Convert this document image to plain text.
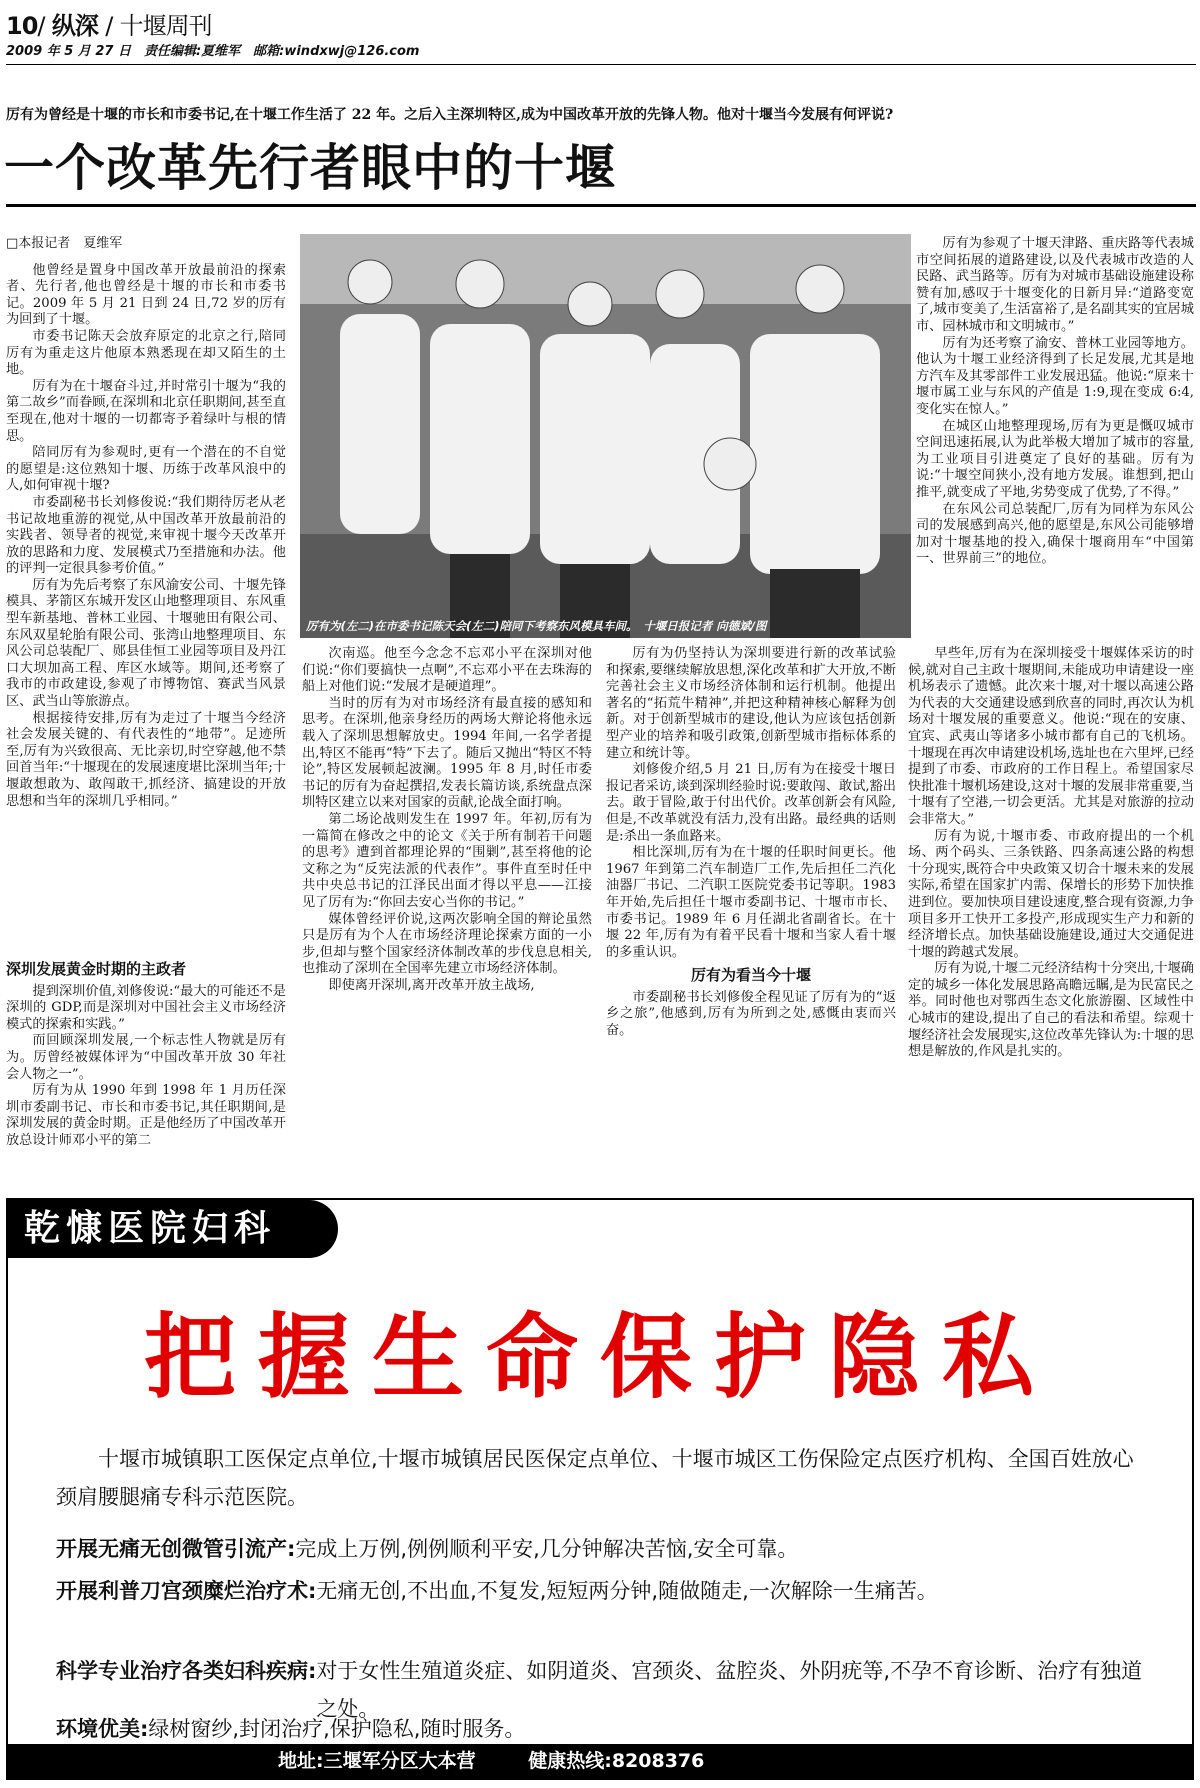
10/ 纵深 / 十堰周刊
2009 年 5 月 27 日　责任编辑:夏维军　邮箱:windxwj@126.com
厉有为曾经是十堰的市长和市委书记,在十堰工作生活了 22 年。之后入主深圳特区,成为中国改革开放的先锋人物。他对十堰当今发展有何评说?
一个改革先行者眼中的十堰

□本报记者　夏维军

他曾经是置身中国改革开放最前沿的探索者、先行者,他也曾经是十堰的市长和市委书记。2009 年 5 月 21 日到 24 日,72 岁的厉有为回到了十堰。

市委书记陈天会放弃原定的北京之行,陪同厉有为重走这片他原本熟悉现在却又陌生的土地。

厉有为在十堰奋斗过,并时常引十堰为“我的第二故乡”而眷顾,在深圳和北京任职期间,甚至直至现在,他对十堰的一切都寄予着绿叶与根的情思。

陪同厉有为参观时,更有一个潜在的不自觉的愿望是:这位熟知十堰、历练于改革风浪中的人,如何审视十堰?

市委副秘书长刘修俊说:“我们期待厉老从老书记故地重游的视觉,从中国改革开放最前沿的实践者、领导者的视觉,来审视十堰今天改革开放的思路和力度、发展模式乃至措施和办法。他的评判一定很具参考价值。”

厉有为先后考察了东风渝安公司、十堰先锋模具、茅箭区东城开发区山地整理项目、东风重型车新基地、普林工业园、十堰驰田有限公司、东风双星轮胎有限公司、张湾山地整理项目、东风公司总装配厂、郧县佳恒工业园等项目及丹江口大坝加高工程、库区水域等。期间,还考察了我市的市政建设,参观了市博物馆、赛武当风景区、武当山等旅游点。

根据接待安排,厉有为走过了十堰当今经济社会发展关键的、有代表性的“地带”。足迹所至,厉有为兴致很高、无比亲切,时空穿越,他不禁回首当年:“十堰现在的发展速度堪比深圳当年;十堰敢想敢为、敢闯敢干,抓经济、搞建设的开放思想和当年的深圳几乎相同。”

厉有为(左二)在市委书记陈天会(左二)陪同下考察东风模具车间。　十堰日报记者 向德斌/图

厉有为参观了十堰天津路、重庆路等代表城市空间拓展的道路建设,以及代表城市改造的人民路、武当路等。厉有为对城市基础设施建设称赞有加,感叹于十堰变化的日新月异:“道路变宽了,城市变美了,生活富裕了,是名副其实的宜居城市、园林城市和文明城市。”

厉有为还考察了渝安、普林工业园等地方。他认为十堰工业经济得到了长足发展,尤其是地方汽车及其零部件工业发展迅猛。他说:“原来十堰市属工业与东风的产值是 1:9,现在变成 6:4,变化实在惊人。”

在城区山地整理现场,厉有为更是慨叹城市空间迅速拓展,认为此举极大增加了城市的容量,为工业项目引进奠定了良好的基础。厉有为说:“十堰空间狭小,没有地方发展。谁想到,把山推平,就变成了平地,劣势变成了优势,了不得。”

在东风公司总装配厂,厉有为同样为东风公司的发展感到高兴,他的愿望是,东风公司能够增加对十堰基地的投入,确保十堰商用车“中国第一、世界前三”的地位。

深圳发展黄金时期的主政者

提到深圳价值,刘修俊说:“最大的可能还不是深圳的 GDP,而是深圳对中国社会主义市场经济模式的探索和实践。”

而回顾深圳发展,一个标志性人物就是厉有为。厉曾经被媒体评为“中国改革开放 30 年社会人物之一”。

厉有为从 1990 年到 1998 年 1 月历任深圳市委副书记、市长和市委书记,其任职期间,是深圳发展的黄金时期。正是他经历了中国改革开放总设计师邓小平的第二

次南巡。他至今念念不忘邓小平在深圳对他们说:“你们要搞快一点啊”,不忘邓小平在去珠海的船上对他们说:“发展才是硬道理”。

当时的厉有为对市场经济有最直接的感知和思考。在深圳,他亲身经历的两场大辩论将他永远载入了深圳思想解放史。1994 年间,一名学者提出,特区不能再“特”下去了。随后又抛出“特区不特论”,特区发展顿起波澜。1995 年 8 月,时任市委书记的厉有为奋起撰招,发表长篇访谈,系统盘点深圳特区建立以来对国家的贡献,论战全面打响。

第二场论战则发生在 1997 年。年初,厉有为一篇简在修改之中的论文《关于所有制若干问题的思考》遭到首都理论界的“围剿”,甚至将他的论文称之为“反宪法派的代表作”。事件直至时任中共中央总书记的江泽民出面才得以平息——江接见了厉有为:“你回去安心当你的书记。”

媒体曾经评价说,这两次影响全国的辩论虽然只是厉有为个人在市场经济理论探索方面的一小步,但却与整个国家经济体制改革的步伐息息相关,也推动了深圳在全国率先建立市场经济体制。

即使离开深圳,离开改革开放主战场,

厉有为仍坚持认为深圳要进行新的改革试验和探索,要继续解放思想,深化改革和扩大开放,不断完善社会主义市场经济体制和运行机制。他提出著名的“拓荒牛精神”,并把这种精神核心解释为创新。对于创新型城市的建设,他认为应该包括创新型产业的培养和吸引政策,创新型城市指标体系的建立和统计等。

刘修俊介绍,5 月 21 日,厉有为在接受十堰日报记者采访,谈到深圳经验时说:要敢闯、敢试,豁出去。敢于冒险,敢于付出代价。改革创新会有风险,但是,不改革就没有活力,没有出路。最经典的话则是:杀出一条血路来。

相比深圳,厉有为在十堰的任职时间更长。他 1967 年到第二汽车制造厂工作,先后担任二汽化油器厂书记、二汽职工医院党委书记等职。1983 年开始,先后担任十堰市委副书记、十堰市市长、市委书记。1989 年 6 月任湖北省副省长。在十堰 22 年,厉有为有着平民看十堰和当家人看十堰的多重认识。

厉有为看当今十堰

市委副秘书长刘修俊全程见证了厉有为的“返乡之旅”,他感到,厉有为所到之处,感慨由衷而兴奋。

早些年,厉有为在深圳接受十堰媒体采访的时候,就对自己主政十堰期间,未能成功申请建设一座机场表示了遗憾。此次来十堰,对十堰以高速公路为代表的大交通建设感到欣喜的同时,再次认为机场对十堰发展的重要意义。他说:“现在的安康、宜宾、武夷山等诸多小城市都有自己的飞机场。十堰现在再次申请建设机场,选址也在六里坪,已经提到了市委、市政府的工作日程上。希望国家尽快批准十堰机场建设,这对十堰的发展非常重要,当十堰有了空港,一切会更活。尤其是对旅游的拉动会非常大。”

厉有为说,十堰市委、市政府提出的一个机场、两个码头、三条铁路、四条高速公路的构想十分现实,既符合中央政策又切合十堰未来的发展实际,希望在国家扩内需、保增长的形势下加快推进到位。要加快项目建设速度,整合现有资源,力争项目多开工快开工多投产,形成现实生产力和新的经济增长点。加快基础设施建设,通过大交通促进十堰的跨越式发展。

厉有为说,十堰二元经济结构十分突出,十堰确定的城乡一体化发展思路高瞻远瞩,是为民富民之举。同时他也对鄂西生态文化旅游圈、区域性中心城市的建设,提出了自己的看法和希望。综观十堰经济社会发展现实,这位改革先锋认为:十堰的思想是解放的,作风是扎实的。

乾慷医院妇科
把握生命保护隐私
十堰市城镇职工医保定点单位,十堰市城镇居民医保定点单位、十堰市城区工伤保险定点医疗机构、全国百姓放心颈肩腰腿痛专科示范医院。
开展无痛无创微管引流产: 完成上万例,例例顺利平安,几分钟解决苦恼,安全可靠。
开展利普刀宫颈糜烂治疗术: 无痛无创,不出血,不复发,短短两分钟,随做随走,一次解除一生痛苦。
科学专业治疗各类妇科疾病: 对于女性生殖道炎症、如阴道炎、宫颈炎、盆腔炎、外阴疣等,不孕不育诊断、治疗有独道之处。
环境优美: 绿树窗纱,封闭治疗,保护隐私,随时服务。
地址:三堰军分区大本营	健康热线:8208376
